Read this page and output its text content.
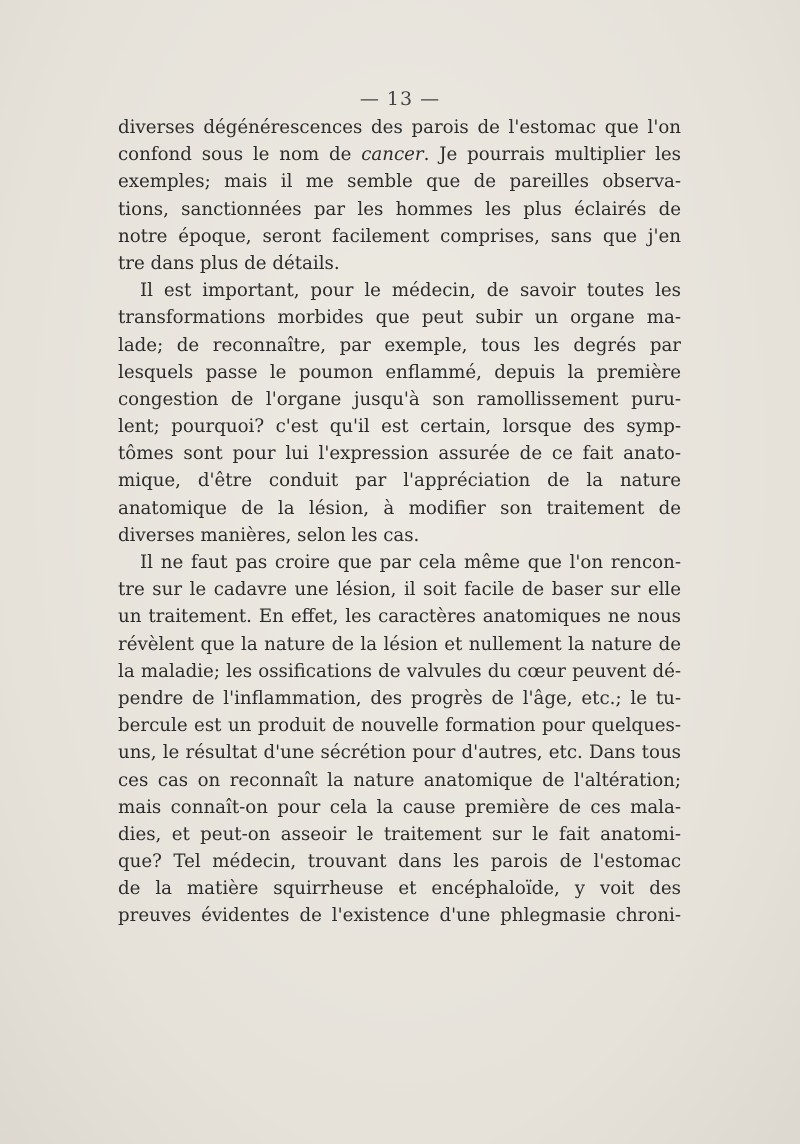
— 13 —
diverses dégénérescences des parois de l'estomac que l'on
confond sous le nom de cancer. Je pourrais multiplier les
exemples; mais il me semble que de pareilles observa-
tions, sanctionnées par les hommes les plus éclairés de
notre époque, seront facilement comprises, sans que j'en
tre dans plus de détails.
Il est important, pour le médecin, de savoir toutes les
transformations morbides que peut subir un organe ma-
lade; de reconnaître, par exemple, tous les degrés par
lesquels passe le poumon enflammé, depuis la première
congestion de l'organe jusqu'à son ramollissement puru-
lent; pourquoi? c'est qu'il est certain, lorsque des symp-
tômes sont pour lui l'expression assurée de ce fait anato-
mique, d'être conduit par l'appréciation de la nature
anatomique de la lésion, à modifier son traitement de
diverses manières, selon les cas.
Il ne faut pas croire que par cela même que l'on rencon-
tre sur le cadavre une lésion, il soit facile de baser sur elle
un traitement. En effet, les caractères anatomiques ne nous
révèlent que la nature de la lésion et nullement la nature de
la maladie; les ossifications de valvules du cœur peuvent dé-
pendre de l'inflammation, des progrès de l'âge, etc.; le tu-
bercule est un produit de nouvelle formation pour quelques-
uns, le résultat d'une sécrétion pour d'autres, etc. Dans tous
ces cas on reconnaît la nature anatomique de l'altération;
mais connaît-on pour cela la cause première de ces mala-
dies, et peut-on asseoir le traitement sur le fait anatomi-
que? Tel médecin, trouvant dans les parois de l'estomac
de la matière squirrheuse et encéphaloïde, y voit des
preuves évidentes de l'existence d'une phlegmasie chroni-
